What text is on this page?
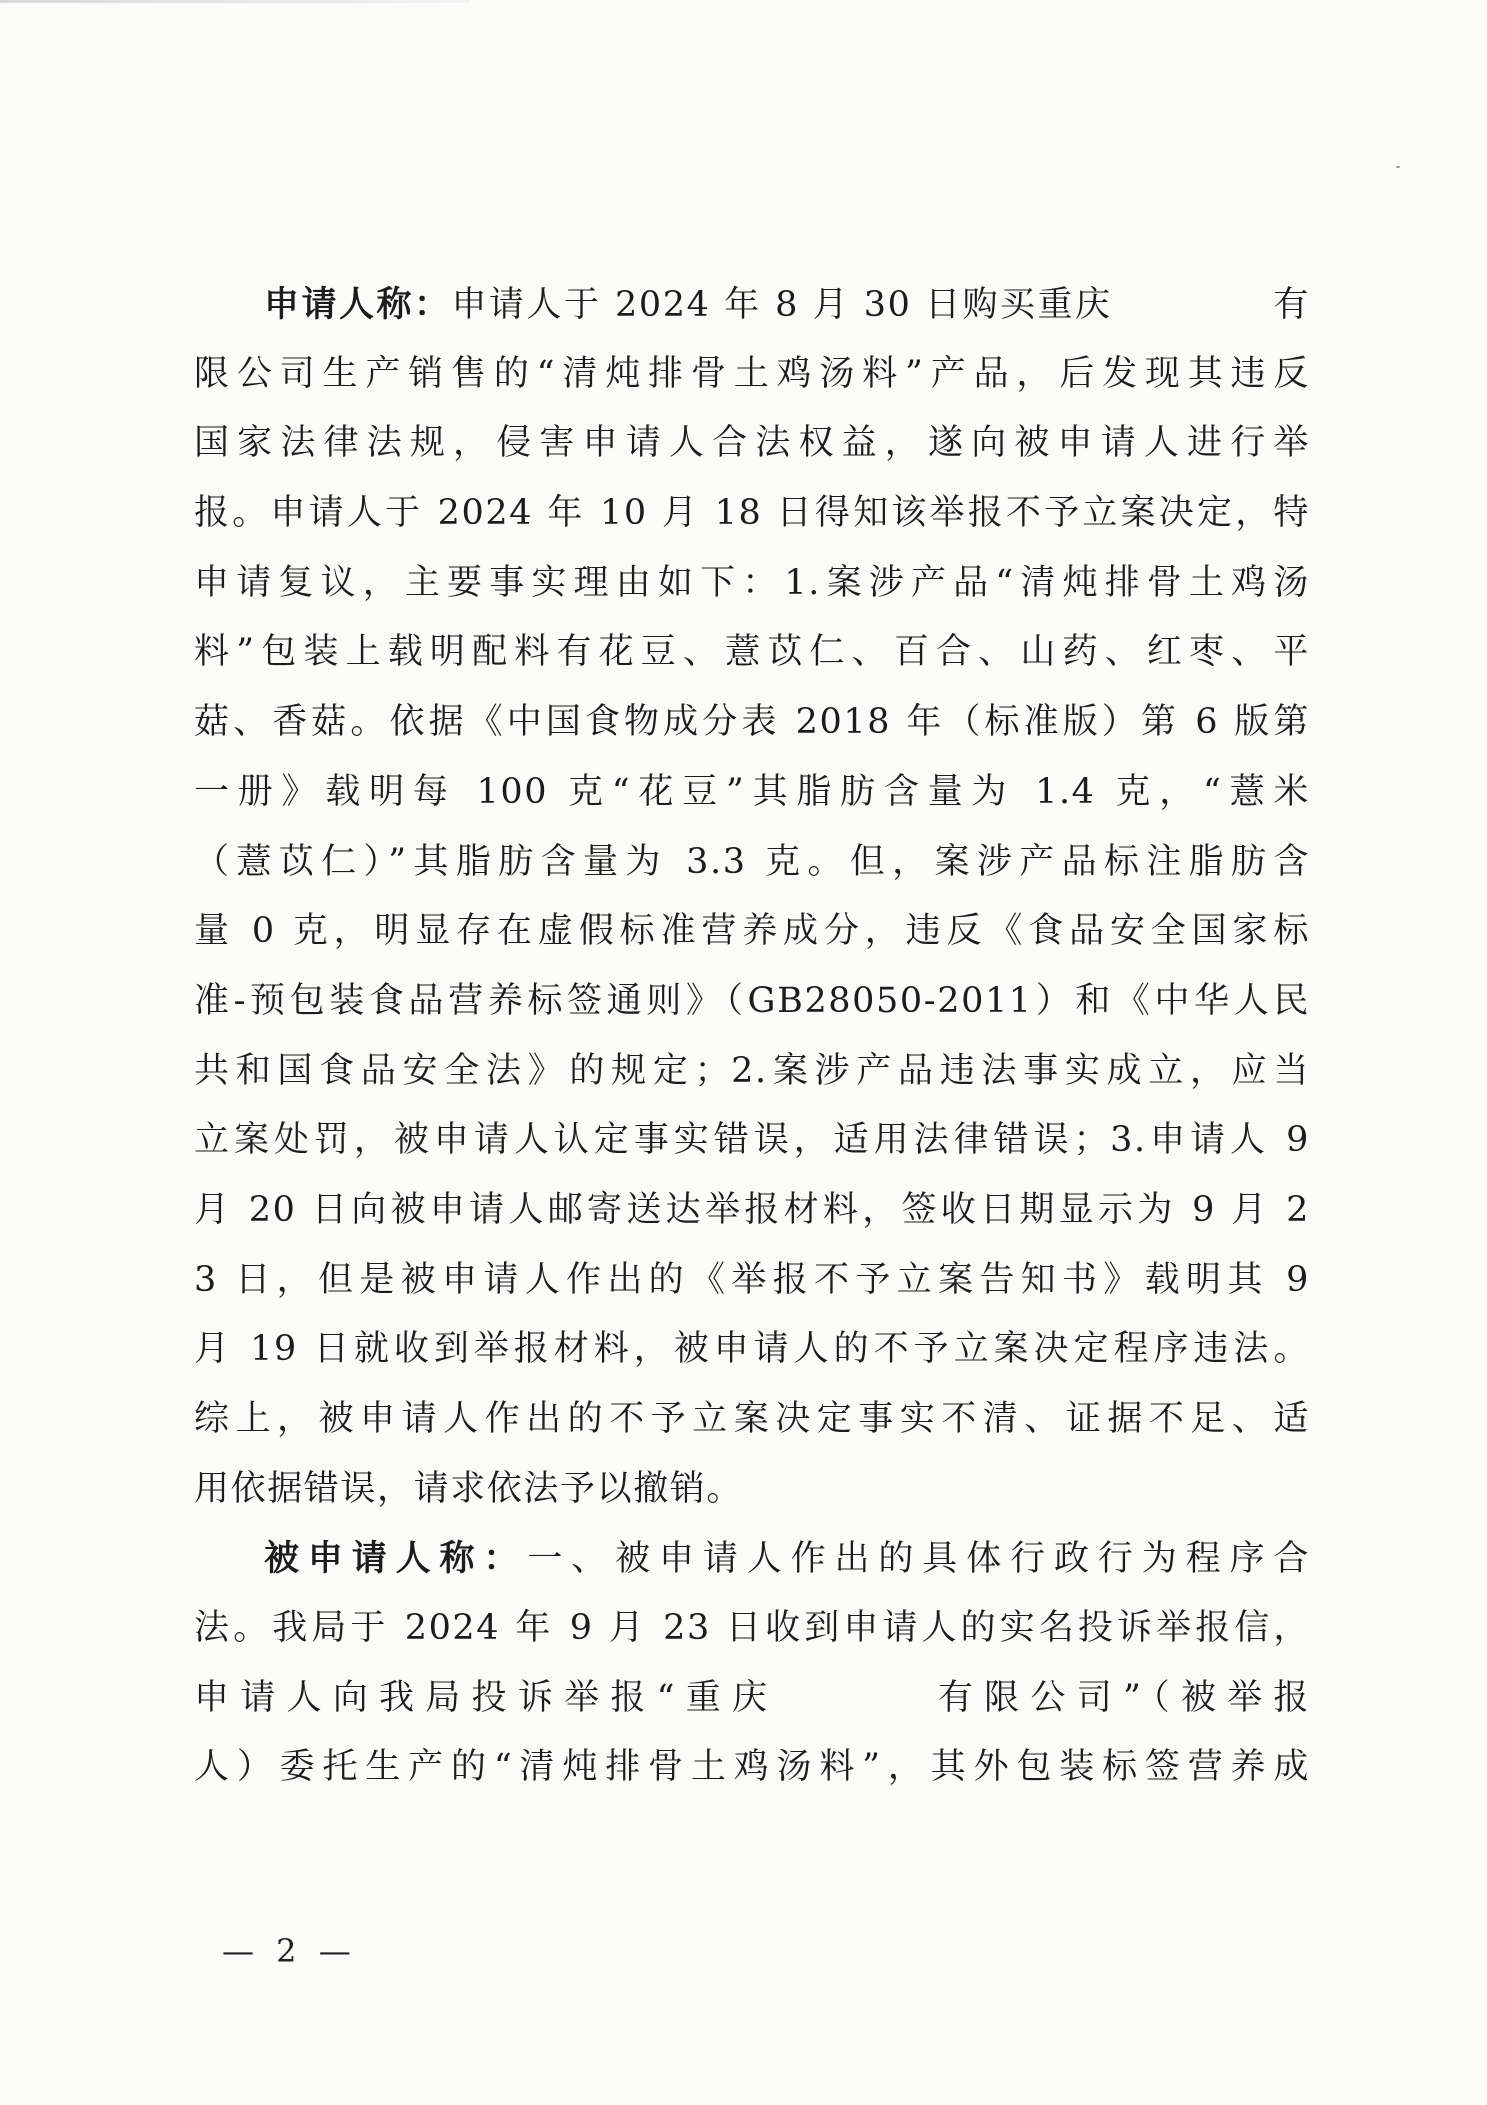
申请人称：申请人于 2024 年 8 月 30 日购买重庆	有
限公司生产销售的“清炖排骨土鸡汤料”产品，后发现其违反
国家法律法规，侵害申请人合法权益，遂向被申请人进行举
报。申请人于 2024 年 10 月 18 日得知该举报不予立案决定，特
申请复议，主要事实理由如下：1.案涉产品“清炖排骨土鸡汤
料”包装上载明配料有花豆、薏苡仁、百合、山药、红枣、平
菇、香菇。依据《中国食物成分表 2018 年（标准版）第 6 版第
一册》载明每 100 克“花豆”其脂肪含量为 1.4 克，“薏米
（薏苡仁）”其脂肪含量为 3.3 克。但，案涉产品标注脂肪含
量 0 克，明显存在虚假标准营养成分，违反《食品安全国家标
准-预包装食品营养标签通则》（GB28050-2011）和《中华人民
共和国食品安全法》的规定；2.案涉产品违法事实成立，应当
立案处罚，被申请人认定事实错误，适用法律错误；3.申请人 9
月 20 日向被申请人邮寄送达举报材料，签收日期显示为 9 月 2
3 日，但是被申请人作出的《举报不予立案告知书》载明其 9
月 19 日就收到举报材料，被申请人的不予立案决定程序违法。
综上，被申请人作出的不予立案决定事实不清、证据不足、适
用依据错误，请求依法予以撤销。
被申请人称：一、被申请人作出的具体行政行为程序合
法。我局于 2024 年 9 月 23 日收到申请人的实名投诉举报信，
申请人向我局投诉举报“重庆	有限公司”（被举报
人）委托生产的“清炖排骨土鸡汤料”，其外包装标签营养成
— 2 —
